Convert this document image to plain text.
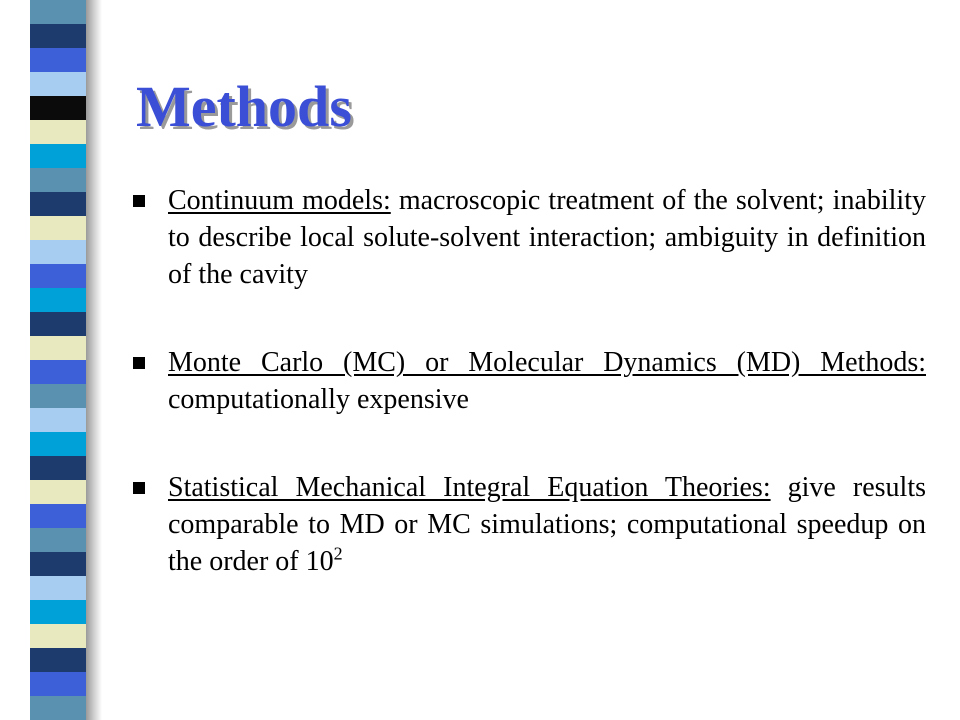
Methods
Continuum models: macroscopic treatment of the solvent; inability to describe local solute-solvent interaction; ambiguity in definition of the cavity
Monte Carlo (MC) or Molecular Dynamics (MD) Methods: computationally expensive
Statistical Mechanical Integral Equation Theories: give results comparable to MD or MC simulations; computational speedup on the order of $10^2$
